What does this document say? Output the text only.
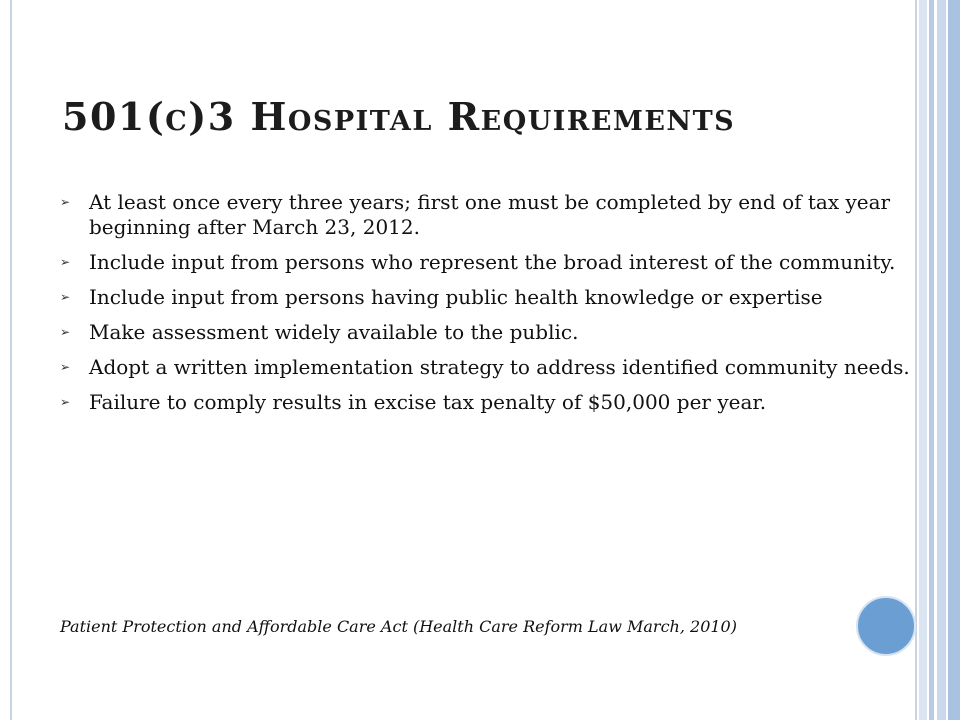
501(c)3 Hospital Requirements
➢ At least once every three years; first one must be completed by end of tax year beginning after March 23, 2012.
➢ Include input from persons who represent the broad interest of the community.
➢ Include input from persons having public health knowledge or expertise
➢ Make assessment widely available to the public.
➢ Adopt a written implementation strategy to address identified community needs.
➢ Failure to comply results in excise tax penalty of $50,000 per year.
Patient Protection and Affordable Care Act (Health Care Reform Law March, 2010)
